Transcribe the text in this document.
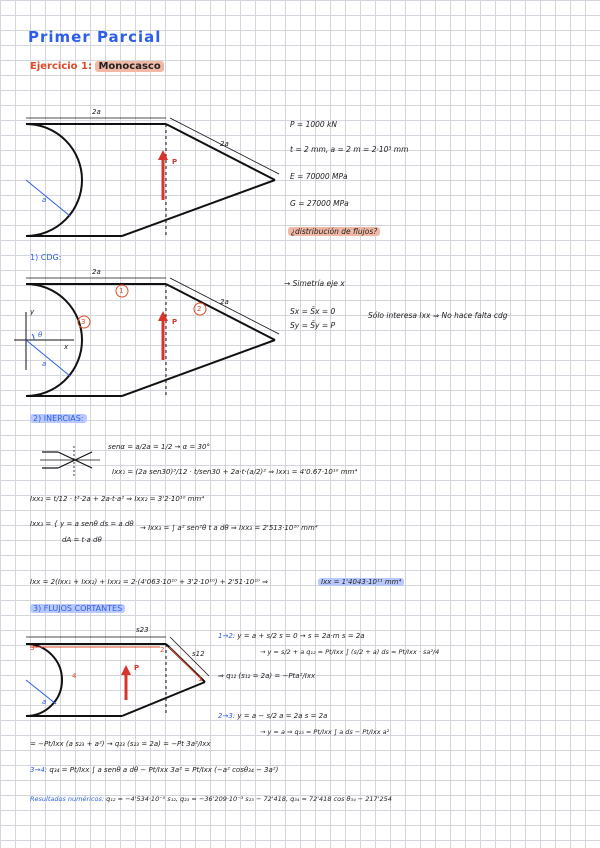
Primer Parcial
Ejercicio 1: Monocasco
2a
2a
a
P
P = 1000 kN
t = 2 mm, a = 2 m = 2·10³ mm
E = 70000 MPa
G = 27000 MPa
¿distribución de flujos?
1) CDG:
2a
2a
1
2
3
y
x
θ
a
P
→ Simetría eje x
Sx = S̄x = 0
Sy = S̄y = P
Sólo interesa Ixx ⇒ No hace falta cdg
2) INERCIAS:
senα = a/2a = 1/2 → α = 30°
Ixx₁ = (2a sen30)³/12 · t/sen30 + 2a·t·(a/2)² ⇒ Ixx₁ = 4'0.67·10¹⁰ mm⁴
Ixx₂ = t/12 · t³·2a + 2a·t·a² ⇒ Ixx₂ = 3'2·10¹⁰ mm⁴
Ixx₃ = { y = a senθ ds = a dθ
dA = t·a dθ
→ Ixx₃ = ∫ a² sen²θ t a dθ ⇒ Ixx₃ = 2'513·10¹⁰ mm⁴
Ixx = 2(Ixx₁ + Ixx₂) + Ixx₃ = 2·(4'063·10¹⁰ + 3'2·10¹⁰) + 2'51·10¹⁰ ⇒	Ixx = 1'4043·10¹¹ mm⁴
3) FLUJOS CORTANTES
3
4
2
1
s23
s12
P
a
1→2: y = a + s/2 s = 0 → s = 2a·m s = 2a
→ y = s/2 + a q₁₂ = Pt/Ixx ∫ (s/2 + a) ds = Pt/Ixx · sa²/4
⇒ q₁₂ (s₁₂ = 2a) = −Pta²/Ixx
2→3: y = a − s/2 a = 2a s = 2a
→ y = a ⇒ q₂₃ = Pt/Ixx ∫ a ds − Pt/Ixx a²
= −Pt/Ixx (a s₂₃ + a²) → q₂₃ (s₂₃ = 2a) = −Pt 3a²/Ixx
3→4: q₃₄ = Pt/Ixx ∫ a senθ a dθ − Pt/Ixx 3a² = Pt/Ixx (−a² cosθ₃₄ − 3a²)
Resultados numéricos: q₁₂ = −4'534·10⁻⁵ s₁₂, q₂₃ = −36'209·10⁻³ s₂₃ − 72'418, q₃₄ = 72'418 cos θ₃₄ − 217'254
